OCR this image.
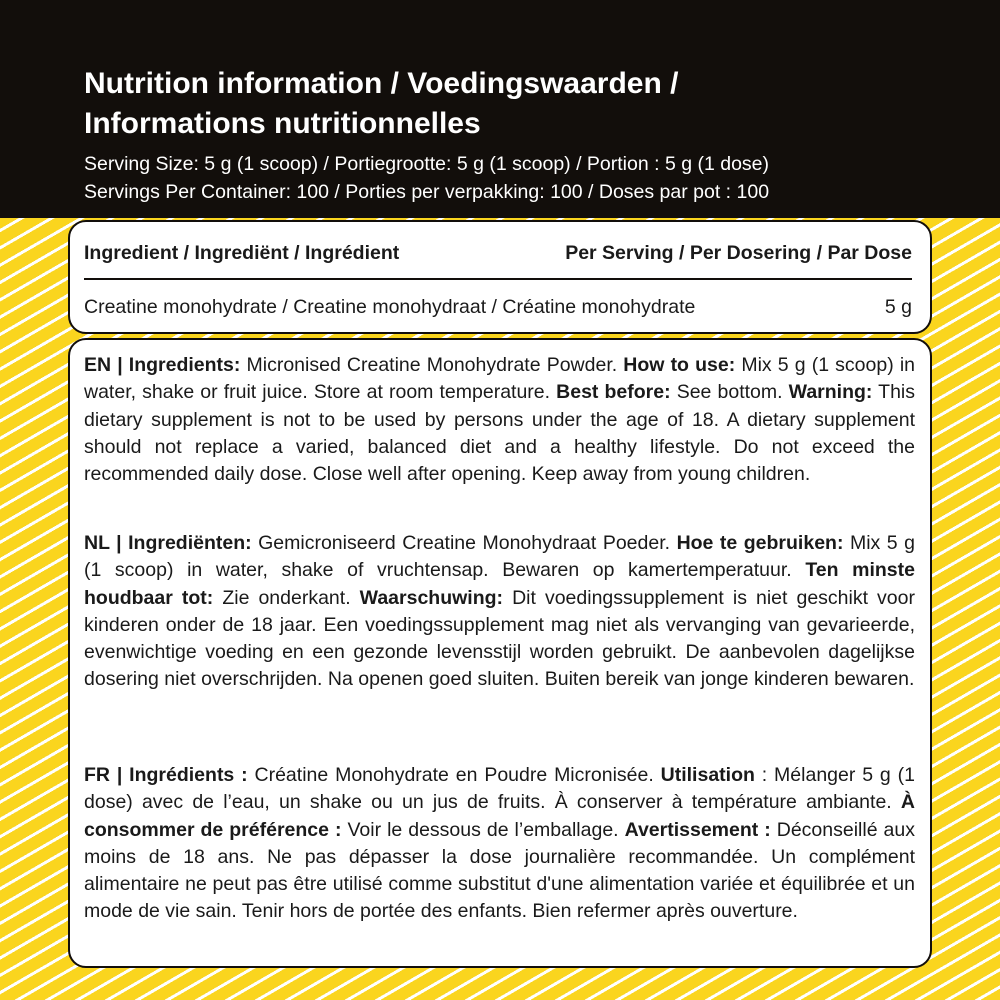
Nutrition information / Voedingswaarden /
Informations nutritionnelles
Serving Size: 5 g (1 scoop) / Portiegrootte: 5 g (1 scoop) / Portion : 5 g (1 dose)
Servings Per Container: 100 / Porties per verpakking: 100 / Doses par pot : 100
Ingredient / Ingrediënt / Ingrédient	Per Serving / Per Dosering / Par Dose
Creatine monohydrate / Creatine monohydraat / Créatine monohydrate	5 g

EN | Ingredients: Micronised Creatine Monohydrate Powder. How to use: Mix 5 g (1 scoop) in water, shake or fruit juice. Store at room temperature. Best before: See bottom. Warning: This dietary supplement is not to be used by persons under the age of 18. A dietary supplement should not replace a varied, balanced diet and a healthy lifestyle. Do not exceed the recommended daily dose. Close well after opening. Keep away from young children.

NL | Ingrediënten: Gemicroniseerd Creatine Monohydraat Poeder. Hoe te gebruiken: Mix 5 g (1 scoop) in water, shake of vruchtensap. Bewaren op kamertemperatuur. Ten minste houdbaar tot: Zie onderkant. Waarschuwing: Dit voedingssupplement is niet geschikt voor kinderen onder de 18 jaar. Een voedingssupplement mag niet als vervanging van gevarieerde, evenwichtige voeding en een gezonde levensstijl worden gebruikt. De aanbevolen dagelijkse dosering niet overschrijden. Na openen goed sluiten. Buiten bereik van jonge kinderen bewaren.

FR | Ingrédients : Créatine Monohydrate en Poudre Micronisée. Utilisation : Mélanger 5 g (1 dose) avec de l’eau, un shake ou un jus de fruits. À conserver à température ambiante. À consommer de préférence : Voir le dessous de l’emballage. Avertissement : Déconseillé aux moins de 18 ans. Ne pas dépasser la dose journalière recommandée. Un complément alimentaire ne peut pas être utilisé comme substitut d'une alimentation variée et équilibrée et un mode de vie sain. Tenir hors de portée des enfants. Bien refermer après ouverture.
